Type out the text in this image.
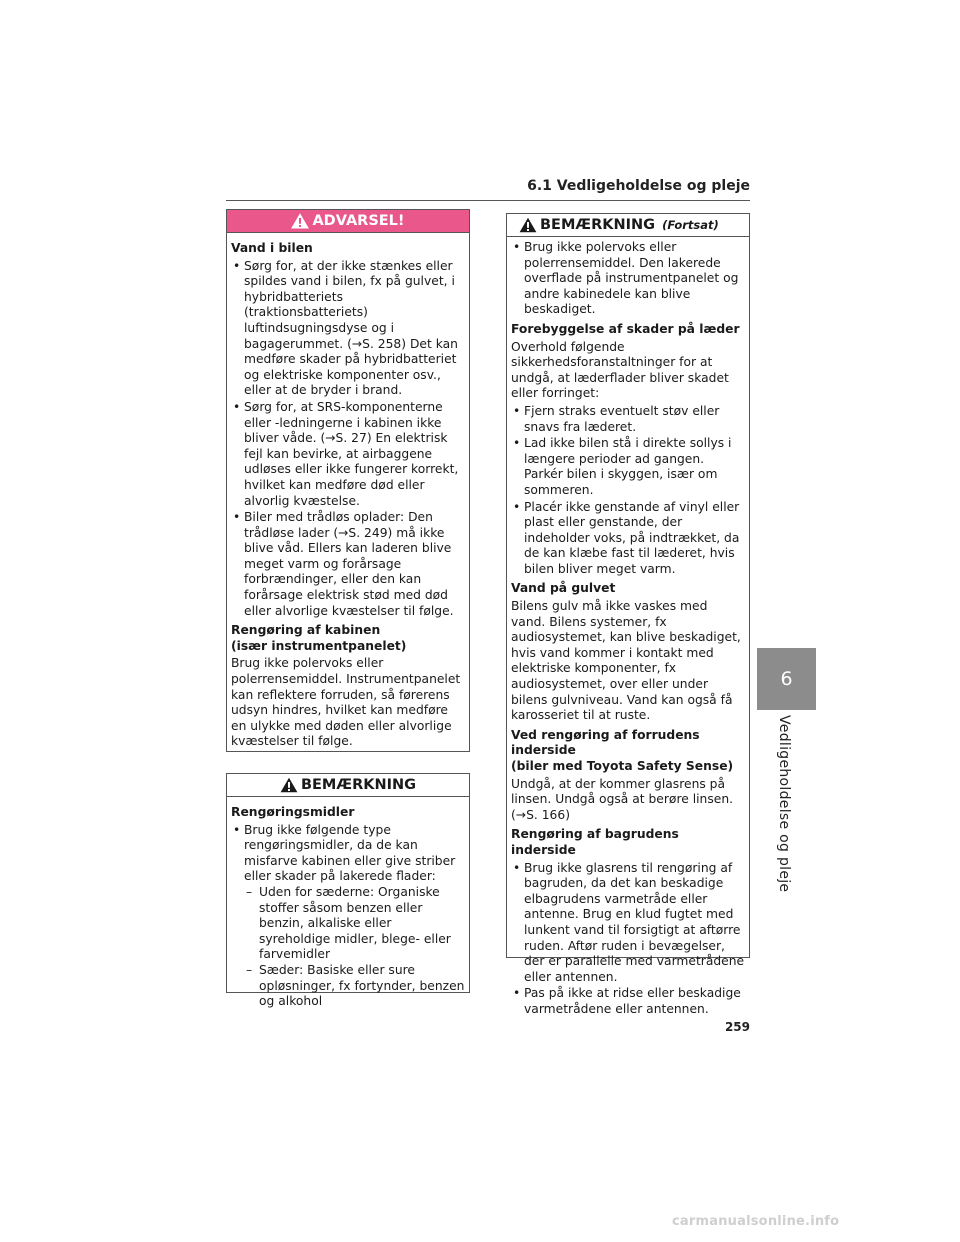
6.1 Vedligeholdelse og pleje
6
Vedligeholdelse og pleje
ADVARSEL!
Vand i bilen
• Sørg for, at der ikke stænkes eller spildes vand i bilen, fx på gulvet, i hybridbatteriets (traktionsbatteriets) luftindsugningsdyse og i bagagerummet. (→S. 258) Det kan medføre skader på hybridbatteriet og elektriske komponenter osv., eller at de bryder i brand.
• Sørg for, at SRS-komponenterne eller -ledningerne i kabinen ikke bliver våde. (→S. 27) En elektrisk fejl kan bevirke, at airbaggene udløses eller ikke fungerer korrekt, hvilket kan medføre død eller alvorlig kvæstelse.
• Biler med trådløs oplader: Den trådløse lader (→S. 249) må ikke blive våd. Ellers kan laderen blive meget varm og forårsage forbrændinger, eller den kan forårsage elektrisk stød med død eller alvorlige kvæstelser til følge.
Rengøring af kabinen
(især instrumentpanelet)
Brug ikke polervoks eller polerrensemiddel. Instrumentpanelet kan reflektere forruden, så førerens udsyn hindres, hvilket kan medføre en ulykke med døden eller alvorlige kvæstelser til følge.
BEMÆRKNING
Rengøringsmidler
• Brug ikke følgende type rengøringsmidler, da de kan misfarve kabinen eller give striber eller skader på lakerede flader:
– Uden for sæderne: Organiske stoffer såsom benzen eller benzin, alkaliske eller syreholdige midler, blege- eller farvemidler
– Sæder: Basiske eller sure opløsninger, fx fortynder, benzen og alkohol
BEMÆRKNING (Fortsat)
• Brug ikke polervoks eller polerrensemiddel. Den lakerede overflade på instrumentpanelet og andre kabinedele kan blive beskadiget.
Forebyggelse af skader på læder
Overhold følgende sikkerhedsforanstaltninger for at undgå, at læderflader bliver skadet eller forringet:
• Fjern straks eventuelt støv eller snavs fra læderet.
• Lad ikke bilen stå i direkte sollys i længere perioder ad gangen. Parkér bilen i skyggen, især om sommeren.
• Placér ikke genstande af vinyl eller plast eller genstande, der indeholder voks, på indtrækket, da de kan klæbe fast til læderet, hvis bilen bliver meget varm.
Vand på gulvet
Bilens gulv må ikke vaskes med vand. Bilens systemer, fx audiosystemet, kan blive beskadiget, hvis vand kommer i kontakt med elektriske komponenter, fx audiosystemet, over eller under bilens gulvniveau. Vand kan også få karosseriet til at ruste.
Ved rengøring af forrudens inderside
(biler med Toyota Safety Sense)
Undgå, at der kommer glasrens på linsen. Undgå også at berøre linsen. (→S. 166)
Rengøring af bagrudens inderside
• Brug ikke glasrens til rengøring af bagruden, da det kan beskadige elbagrudens varmetråde eller antenne. Brug en klud fugtet med lunkent vand til forsigtigt at aftørre ruden. Aftør ruden i bevægelser, der er parallelle med varmetrådene eller antennen.
• Pas på ikke at ridse eller beskadige varmetrådene eller antennen.
259
carmanualsonline.info
